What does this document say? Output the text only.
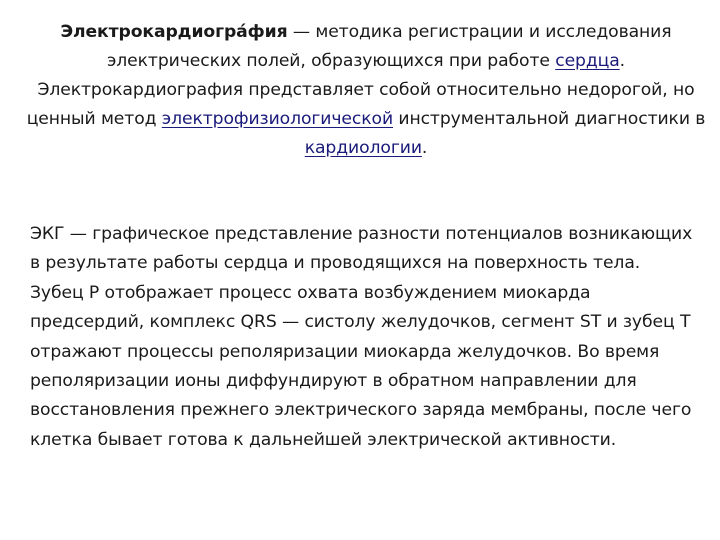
Электрокардиогра́фия — методика регистрации и исследования электрических полей, образующихся при работе сердца. Электрокардиография представляет собой относительно недорогой, но ценный метод электрофизиологической инструментальной диагностики в кардиологии.

ЭКГ — графическое представление разности потенциалов возникающих в результате работы сердца и проводящихся на поверхность тела.

Зубец P отображает процесс охвата возбуждением миокарда предсердий, комплекс QRS — систолу желудочков, сегмент ST и зубец T отражают процессы реполяризации миокарда желудочков. Во время реполяризации ионы диффундируют в обратном направлении для восстановления прежнего электрического заряда мембраны, после чего клетка бывает готова к дальнейшей электрической активности.
